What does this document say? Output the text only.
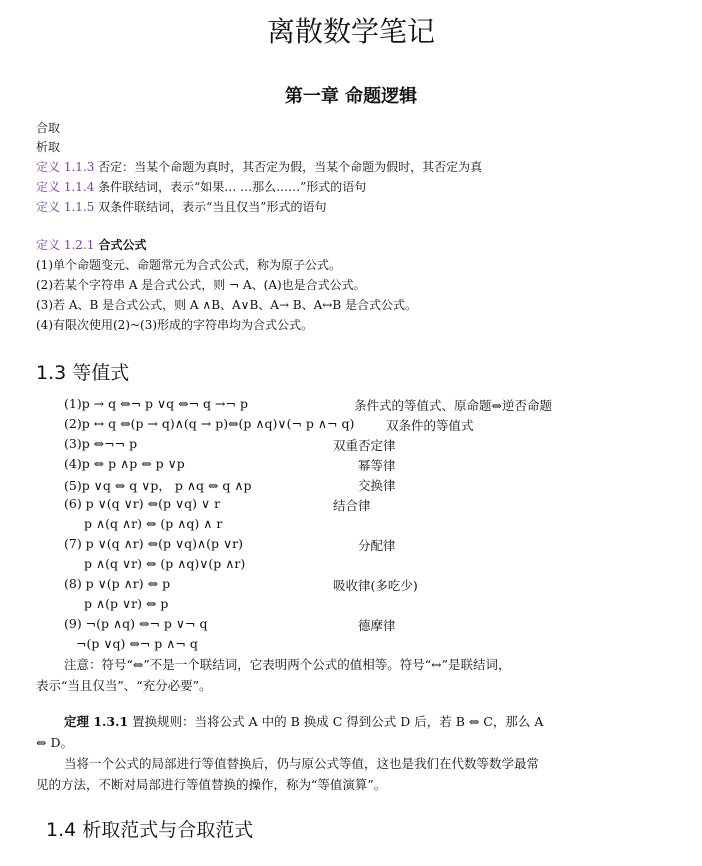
离散数学笔记
第一章 命题逻辑
合取
析取
定义 1.1.3 否定：当某个命题为真时，其否定为假，当某个命题为假时，其否定为真
定义 1.1.4 条件联结词，表示“如果… …那么……”形式的语句
定义 1.1.5 双条件联结词，表示“当且仅当”形式的语句
定义 1.2.1 合式公式
(1)单个命题变元、命题常元为合式公式，称为原子公式。
(2)若某个字符串 A 是合式公式，则 ¬ A、(A)也是合式公式。
(3)若 A、B 是合式公式，则 A ∧B、A∨B、A→ B、A↔B 是合式公式。
(4)有限次使用(2)~(3)形成的字符串均为合式公式。
1.3 等值式
(1)p → q ⇔¬ p ∨q ⇔¬ q →¬ p	条件式的等值式、原命题⇔逆否命题
(2)p ↔ q ⇔(p → q)∧(q → p)⇔(p ∧q)∨(¬ p ∧¬ q)	双条件的等值式
(3)p ⇔¬¬ p	双重否定律
(4)p ⇔ p ∧p ⇔ p ∨p	幂等律
(5)p ∨q ⇔ q ∨p， p ∧q ⇔ q ∧p	交换律
(6) p ∨(q ∨r) ⇔(p ∨q) ∨ r	结合律
p ∧(q ∧r) ⇔ (p ∧q) ∧ r
(7) p ∨(q ∧r) ⇔(p ∨q)∧(p ∨r)	分配律
p ∧(q ∨r) ⇔ (p ∧q)∨(p ∧r)
(8) p ∨(p ∧r) ⇔ p	吸收律(多吃少)
p ∧(p ∨r) ⇔ p
(9) ¬(p ∧q) ⇔¬ p ∨¬ q	德摩律
¬(p ∨q) ⇔¬ p ∧¬ q
注意：符号“⇔”不是一个联结词，它表明两个公式的值相等。符号“↔”是联结词，
表示“当且仅当”、“充分必要”。
定理 1.3.1 置换规则：当将公式 A 中的 B 换成 C 得到公式 D 后，若 B ⇔ C，那么 A
⇔ D。
当将一个公式的局部进行等值替换后，仍与原公式等值，这也是我们在代数等数学最常
见的方法，不断对局部进行等值替换的操作，称为“等值演算”。
1.4 析取范式与合取范式
